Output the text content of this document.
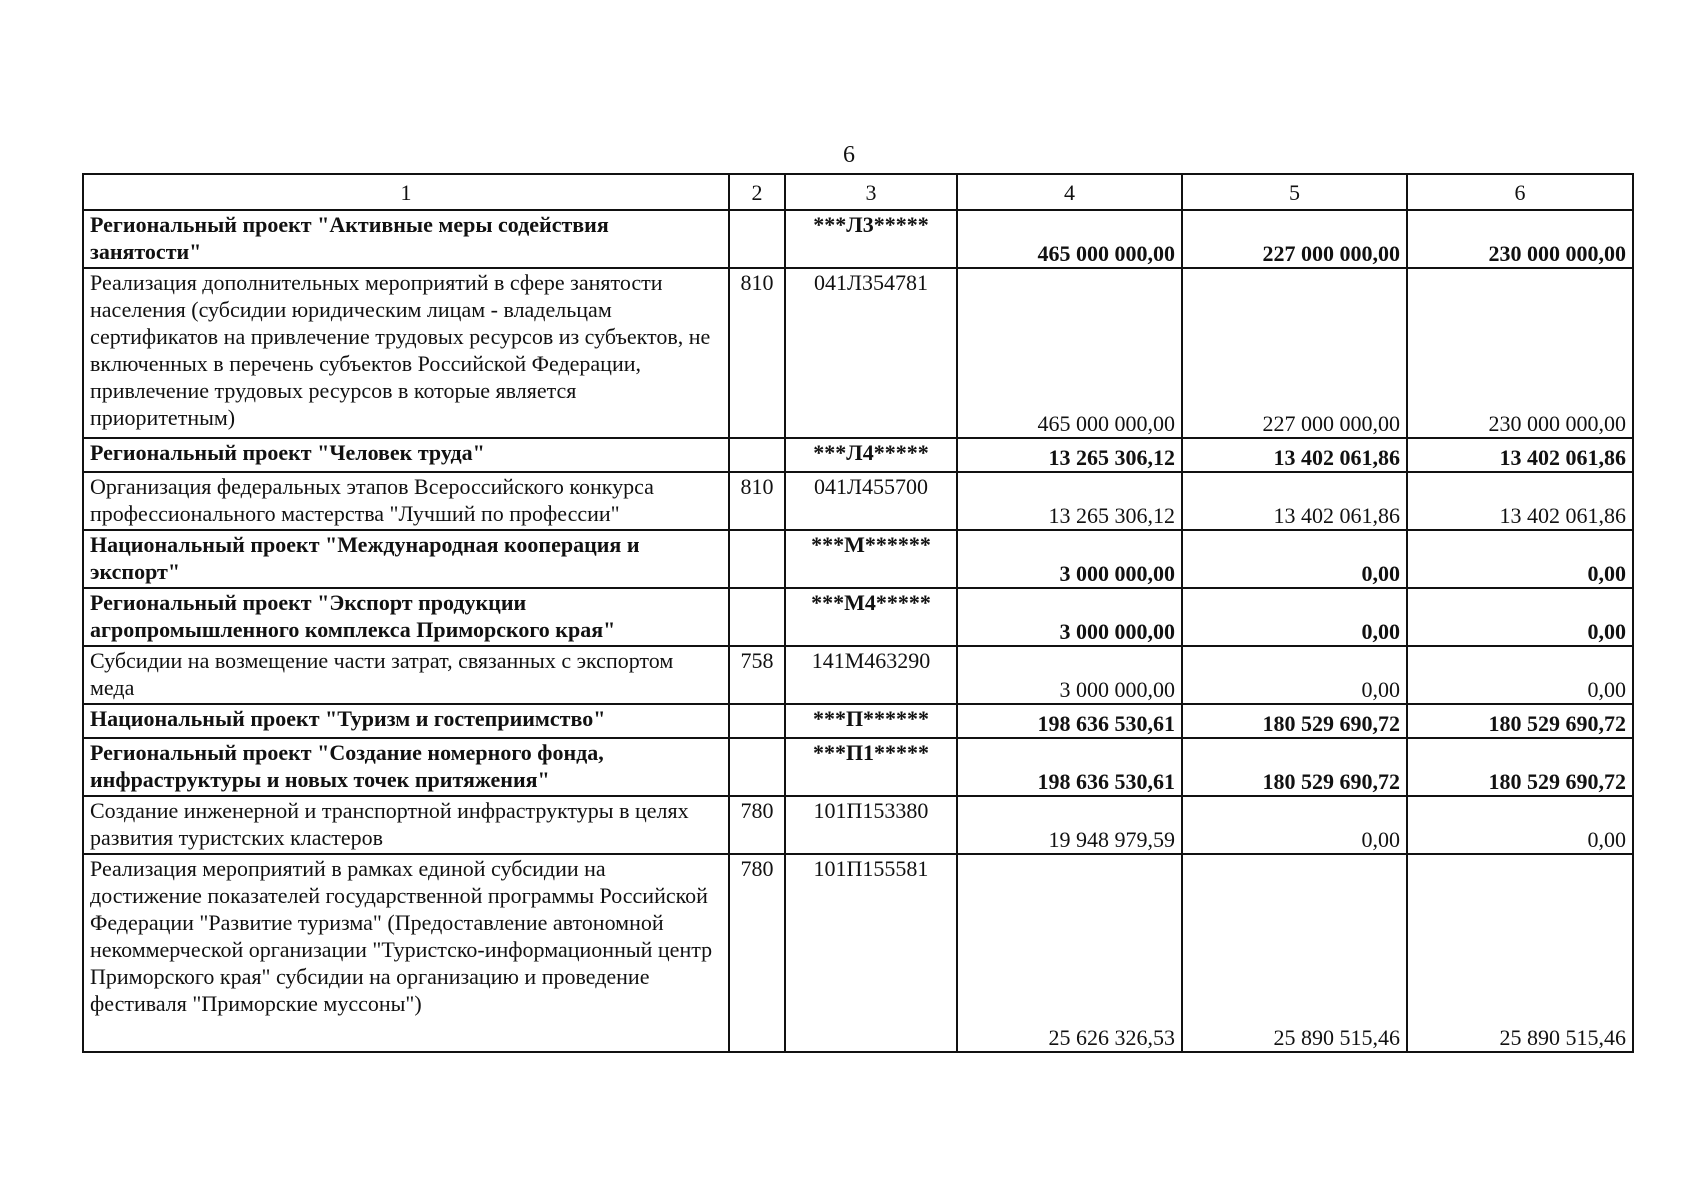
6
1	2	3	4	5	6
Региональный проект "Активные меры содействия занятости"		***Л3*****	465 000 000,00	227 000 000,00	230 000 000,00
Реализация дополнительных мероприятий в сфере занятости населения (субсидии юридическим лицам - владельцам сертификатов на привлечение трудовых ресурсов из субъектов, не включенных в перечень субъектов Российской Федерации, привлечение трудовых ресурсов в которые является приоритетным)	810	041Л354781	465 000 000,00	227 000 000,00	230 000 000,00
Региональный проект "Человек труда"		***Л4*****	13 265 306,12	13 402 061,86	13 402 061,86
Организация федеральных этапов Всероссийского конкурса профессионального мастерства "Лучший по профессии"	810	041Л455700	13 265 306,12	13 402 061,86	13 402 061,86
Национальный проект "Международная кооперация и экспорт"		***М******	3 000 000,00	0,00	0,00
Региональный проект "Экспорт продукции агропромышленного комплекса Приморского края"		***М4*****	3 000 000,00	0,00	0,00
Субсидии на возмещение части затрат, связанных с экспортом меда	758	141М463290	3 000 000,00	0,00	0,00
Национальный проект "Туризм и гостеприимство"		***П******	198 636 530,61	180 529 690,72	180 529 690,72
Региональный проект "Создание номерного фонда, инфраструктуры и новых точек притяжения"		***П1*****	198 636 530,61	180 529 690,72	180 529 690,72
Создание инженерной и транспортной инфраструктуры в целях развития туристских кластеров	780	101П153380	19 948 979,59	0,00	0,00
Реализация мероприятий в рамках единой субсидии на достижение показателей государственной программы Российской Федерации "Развитие туризма" (Предоставление автономной некоммерческой организации "Туристско-информационный центр Приморского края" субсидии на организацию и проведение фестиваля "Приморские муссоны")	780	101П155581	25 626 326,53	25 890 515,46	25 890 515,46
